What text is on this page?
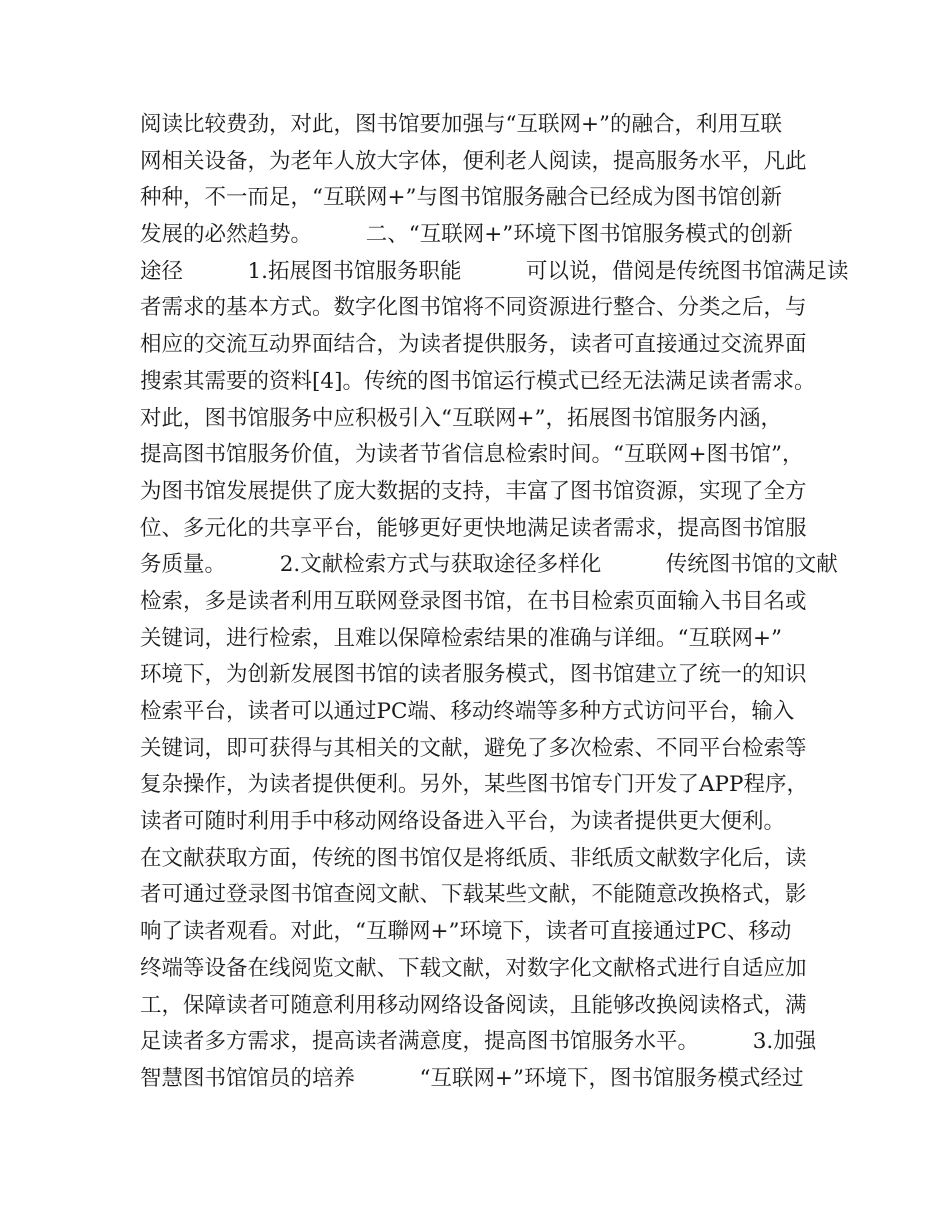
阅读比较费劲，对此，图书馆要加强与“互联网+”的融合，利用互联
网相关设备，为老年人放大字体，便利老人阅读，提高服务水平，凡此
种种，不一而足，“互联网+”与图书馆服务融合已经成为图书馆创新
发展的必然趋势。　　　二、“互联网+”环境下图书馆服务模式的创新
途径　　　1.拓展图书馆服务职能　　　可以说，借阅是传统图书馆满足读
者需求的基本方式。数字化图书馆将不同资源进行整合、分类之后，与
相应的交流互动界面结合，为读者提供服务，读者可直接通过交流界面
搜索其需要的资料[4]。传统的图书馆运行模式已经无法满足读者需求。
对此，图书馆服务中应积极引入“互联网+”，拓展图书馆服务内涵，
提高图书馆服务价值，为读者节省信息检索时间。“互联网+图书馆”，
为图书馆发展提供了庞大数据的支持，丰富了图书馆资源，实现了全方
位、多元化的共享平台，能够更好更快地满足读者需求，提高图书馆服
务质量。　　　2.文献检索方式与获取途径多样化　　　传统图书馆的文献
检索，多是读者利用互联网登录图书馆，在书目检索页面输入书目名或
关键词，进行检索，且难以保障检索结果的准确与详细。“互联网+”
环境下，为创新发展图书馆的读者服务模式，图书馆建立了统一的知识
检索平台，读者可以通过PC端、移动终端等多种方式访问平台，输入
关键词，即可获得与其相关的文献，避免了多次检索、不同平台检索等
复杂操作，为读者提供便利。另外，某些图书馆专门开发了APP程序，
读者可随时利用手中移动网络设备进入平台，为读者提供更大便利。
在文献获取方面，传统的图书馆仅是将纸质、非纸质文献数字化后，读
者可通过登录图书馆查阅文献、下载某些文献，不能随意改换格式，影
响了读者观看。对此，“互聯网+”环境下，读者可直接通过PC、移动
终端等设备在线阅览文献、下载文献，对数字化文献格式进行自适应加
工，保障读者可随意利用移动网络设备阅读，且能够改换阅读格式，满
足读者多方需求，提高读者满意度，提高图书馆服务水平。　　　3.加强
智慧图书馆馆员的培养　　　“互联网+”环境下，图书馆服务模式经过
